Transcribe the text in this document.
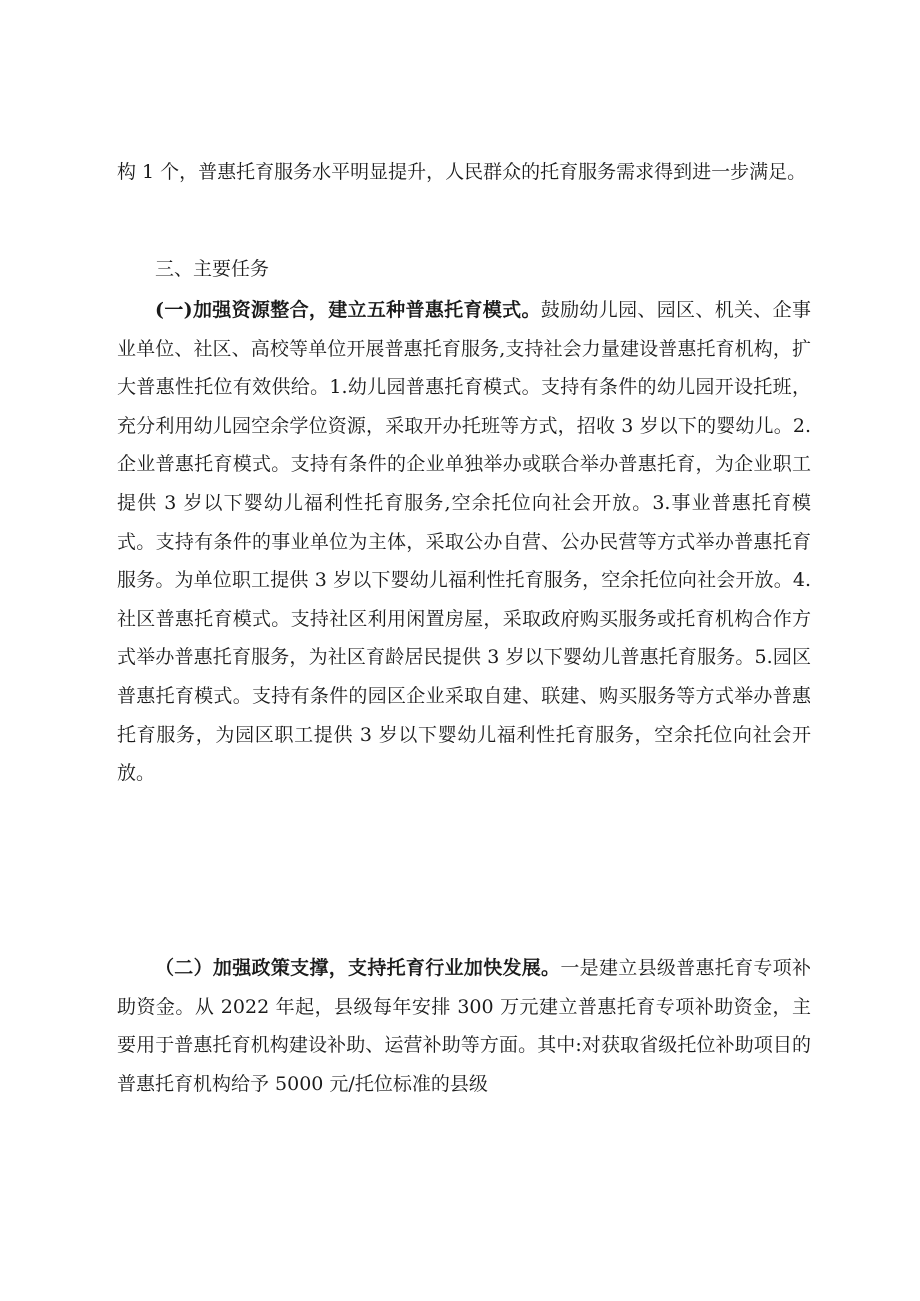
构 1 个，普惠托育服务水平明显提升，人民群众的托育服务需求得到进一步满足。

三、主要任务

(一)加强资源整合，建立五种普惠托育模式。鼓励幼儿园、园区、机关、企事业单位、社区、高校等单位开展普惠托育服务,支持社会力量建设普惠托育机构，扩大普惠性托位有效供给。1.幼儿园普惠托育模式。支持有条件的幼儿园开设托班，充分利用幼儿园空余学位资源，采取开办托班等方式，招收 3 岁以下的婴幼儿。2.企业普惠托育模式。支持有条件的企业单独举办或联合举办普惠托育，为企业职工提供 3 岁以下婴幼儿福利性托育服务,空余托位向社会开放。3.事业普惠托育模式。支持有条件的事业单位为主体，采取公办自营、公办民营等方式举办普惠托育服务。为单位职工提供 3 岁以下婴幼儿福利性托育服务，空余托位向社会开放。4.社区普惠托育模式。支持社区利用闲置房屋，采取政府购买服务或托育机构合作方式举办普惠托育服务，为社区育龄居民提供 3 岁以下婴幼儿普惠托育服务。5.园区普惠托育模式。支持有条件的园区企业采取自建、联建、购买服务等方式举办普惠托育服务，为园区职工提供 3 岁以下婴幼儿福利性托育服务，空余托位向社会开放。

（二）加强政策支撑，支持托育行业加快发展。一是建立县级普惠托育专项补助资金。从 2022 年起，县级每年安排 300 万元建立普惠托育专项补助资金，主要用于普惠托育机构建设补助、运营补助等方面。其中:对获取省级托位补助项目的普惠托育机构给予 5000 元/托位标准的县级
